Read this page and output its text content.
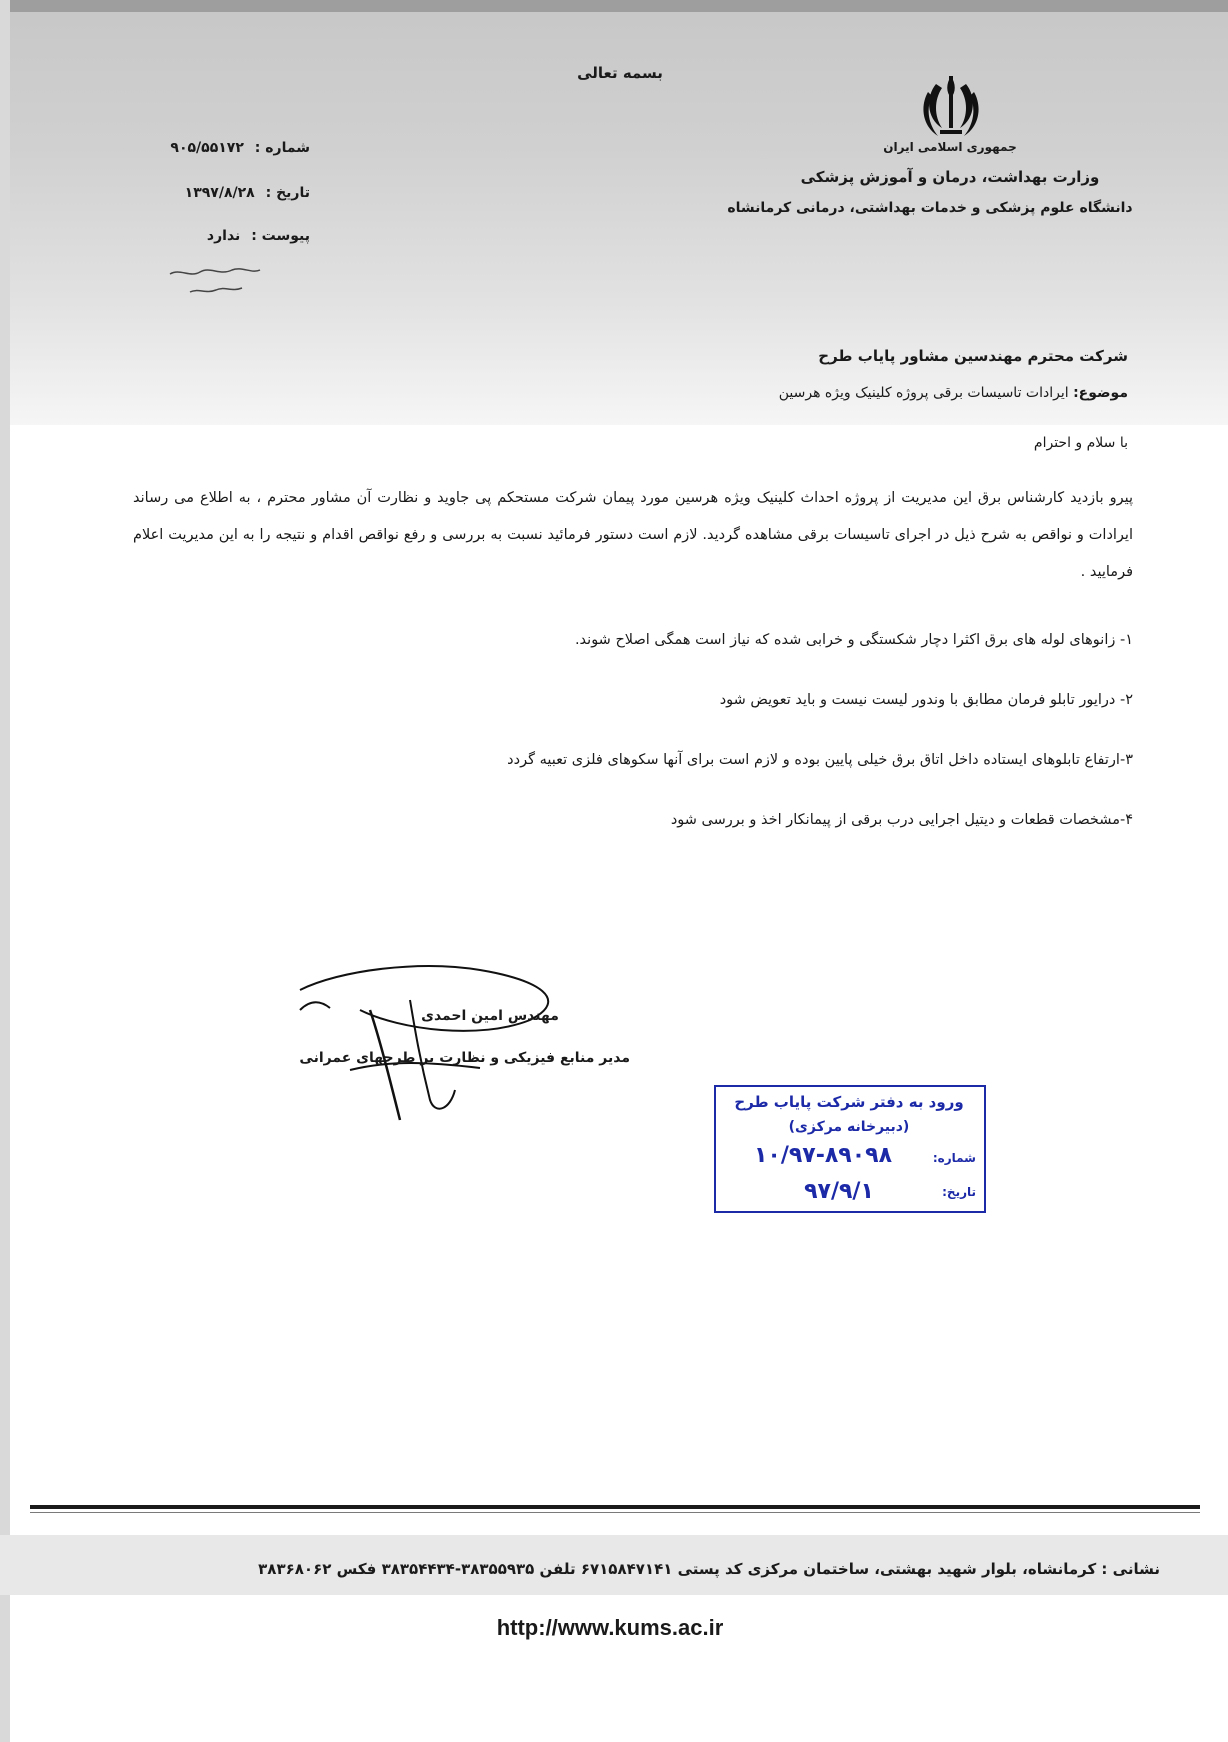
بسمه تعالی
جمهوری اسلامی ایران
وزارت بهداشت، درمان و آموزش پزشکی
دانشگاه علوم پزشکی و خدمات بهداشتی، درمانی کرمانشاه
شماره : ۹۰۵/۵۵۱۷۲
تاریخ : ۱۳۹۷/۸/۲۸
پیوست : ندارد
شرکت محترم مهندسین مشاور پایاب طرح
موضوع: ایرادات تاسیسات برقی پروژه کلینیک ویژه هرسین
با سلام و احترام
پیرو بازدید کارشناس برق این مدیریت از پروژه احداث کلینیک ویژه هرسین مورد پیمان شرکت مستحکم پی جاوید و نظارت آن مشاور محترم ، به اطلاع می رساند ایرادات و نواقص به شرح ذیل در اجرای تاسیسات برقی مشاهده گردید. لازم است دستور فرمائید نسبت به بررسی و رفع نواقص اقدام و نتیجه را به این مدیریت اعلام فرمایید .
۱- زانوهای لوله های برق اکثرا دچار شکستگی و خرابی شده که نیاز است همگی اصلاح شوند.
۲- درایور تابلو فرمان مطابق با وندور لیست نیست و باید تعویض شود
۳-ارتفاع تابلوهای ایستاده داخل اتاق برق خیلی پایین بوده و لازم است برای آنها سکوهای فلزی تعبیه گردد
۴-مشخصات قطعات و دیتیل اجرایی درب برقی از پیمانکار اخذ و بررسی شود
مهندس امین احمدی
مدیر منابع فیزیکی و نظارت بر طرحهای عمرانی
ورود به دفتر شرکت پایاب طرح
(دبیرخانه مرکزی)
شماره:
۱۰/۹۷-۸۹۰۹۸
تاریخ:
۹۷/۹/۱
نشانی : کرمانشاه، بلوار شهید بهشتی، ساختمان مرکزی کد پستی ۶۷۱۵۸۴۷۱۴۱ تلفن ۳۸۳۵۵۹۳۵-۳۸۳۵۴۴۳۴ فکس ۳۸۳۶۸۰۶۲
http://www.kums.ac.ir
